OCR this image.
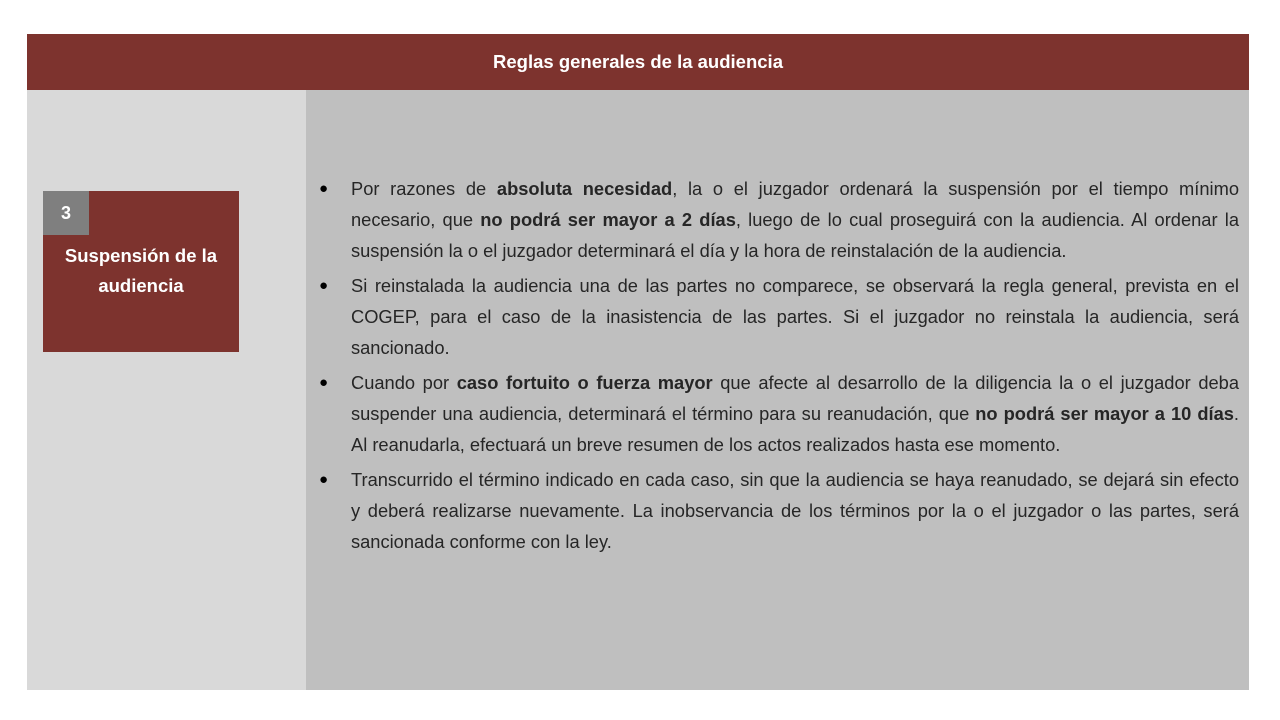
Reglas generales de la audiencia
3
Suspensión de la audiencia
● Por razones de absoluta necesidad, la o el juzgador ordenará la suspensión por el tiempo mínimo necesario, que no podrá ser mayor a 2 días, luego de lo cual proseguirá con la audiencia. Al ordenar la suspensión la o el juzgador determinará el día y la hora de reinstalación de la audiencia.
● Si reinstalada la audiencia una de las partes no comparece, se observará la regla general, prevista en el COGEP, para el caso de la inasistencia de las partes. Si el juzgador no reinstala la audiencia, será sancionado.
● Cuando por caso fortuito o fuerza mayor que afecte al desarrollo de la diligencia la o el juzgador deba suspender una audiencia, determinará el término para su reanudación, que no podrá ser mayor a 10 días. Al reanudarla, efectuará un breve resumen de los actos realizados hasta ese momento.
● Transcurrido el término indicado en cada caso, sin que la audiencia se haya reanudado, se dejará sin efecto y deberá realizarse nuevamente. La inobservancia de los términos por la o el juzgador o las partes, será sancionada conforme con la ley.
